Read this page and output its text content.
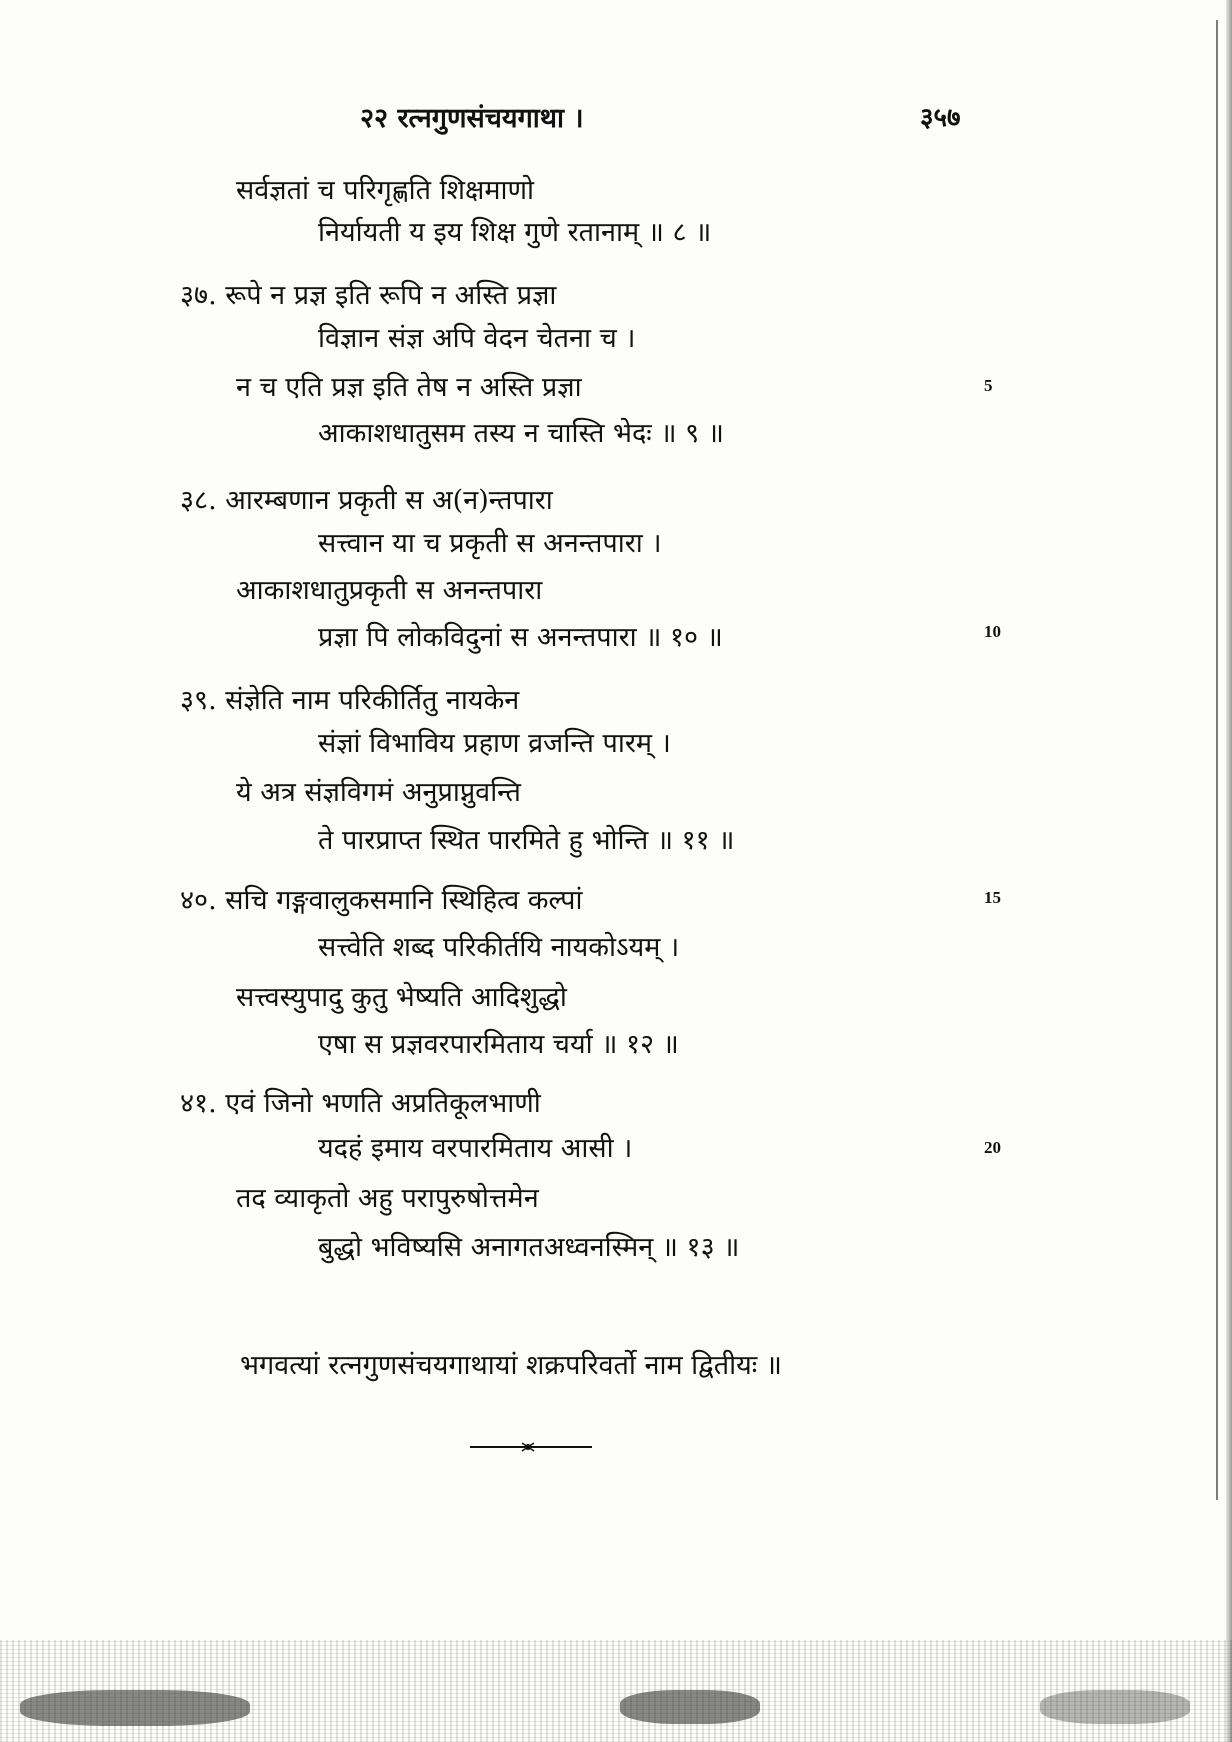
२२ रत्नगुणसंचयगाथा ।	३५७
सर्वज्ञतां च परिगृह्णति शिक्षमाणो
निर्यायती य इय शिक्ष गुणे रतानाम् ॥ ८ ॥
३७. रूपे न प्रज्ञ इति रूपि न अस्ति प्रज्ञा
विज्ञान संज्ञ अपि वेदन चेतना च ।
न च एति प्रज्ञ इति तेष न अस्ति प्रज्ञा
आकाशधातुसम तस्य न चास्ति भेदः ॥ ९ ॥
३८. आरम्बणान प्रकृती स अ(न)न्तपारा
सत्त्वान या च प्रकृती स अनन्तपारा ।
आकाशधातुप्रकृती स अनन्तपारा
प्रज्ञा पि लोकविदुनां स अनन्तपारा ॥ १० ॥
३९. संज्ञेति नाम परिकीर्तितु नायकेन
संज्ञां विभाविय प्रहाण व्रजन्ति पारम् ।
ये अत्र संज्ञविगमं अनुप्राप्नुवन्ति
ते पारप्राप्त स्थित पारमिते हु भोन्ति ॥ ११ ॥
४०. सचि गङ्गवालुकसमानि स्थिहित्व कल्पां
सत्त्वेति शब्द परिकीर्तयि नायकोऽयम् ।
सत्त्वस्युपादु कुतु भेष्यति आदिशुद्धो
एषा स प्रज्ञवरपारमिताय चर्या ॥ १२ ॥
४१. एवं जिनो भणति अप्रतिकूलभाणी
यदहं इमाय वरपारमिताय आसी ।
तद व्याकृतो अहु परापुरुषोत्तमेन
बुद्धो भविष्यसि अनागतअध्वनस्मिन् ॥ १३ ॥
5
10
15
20
भगवत्यां रत्नगुणसंचयगाथायां शक्रपरिवर्तो नाम द्वितीयः ॥
